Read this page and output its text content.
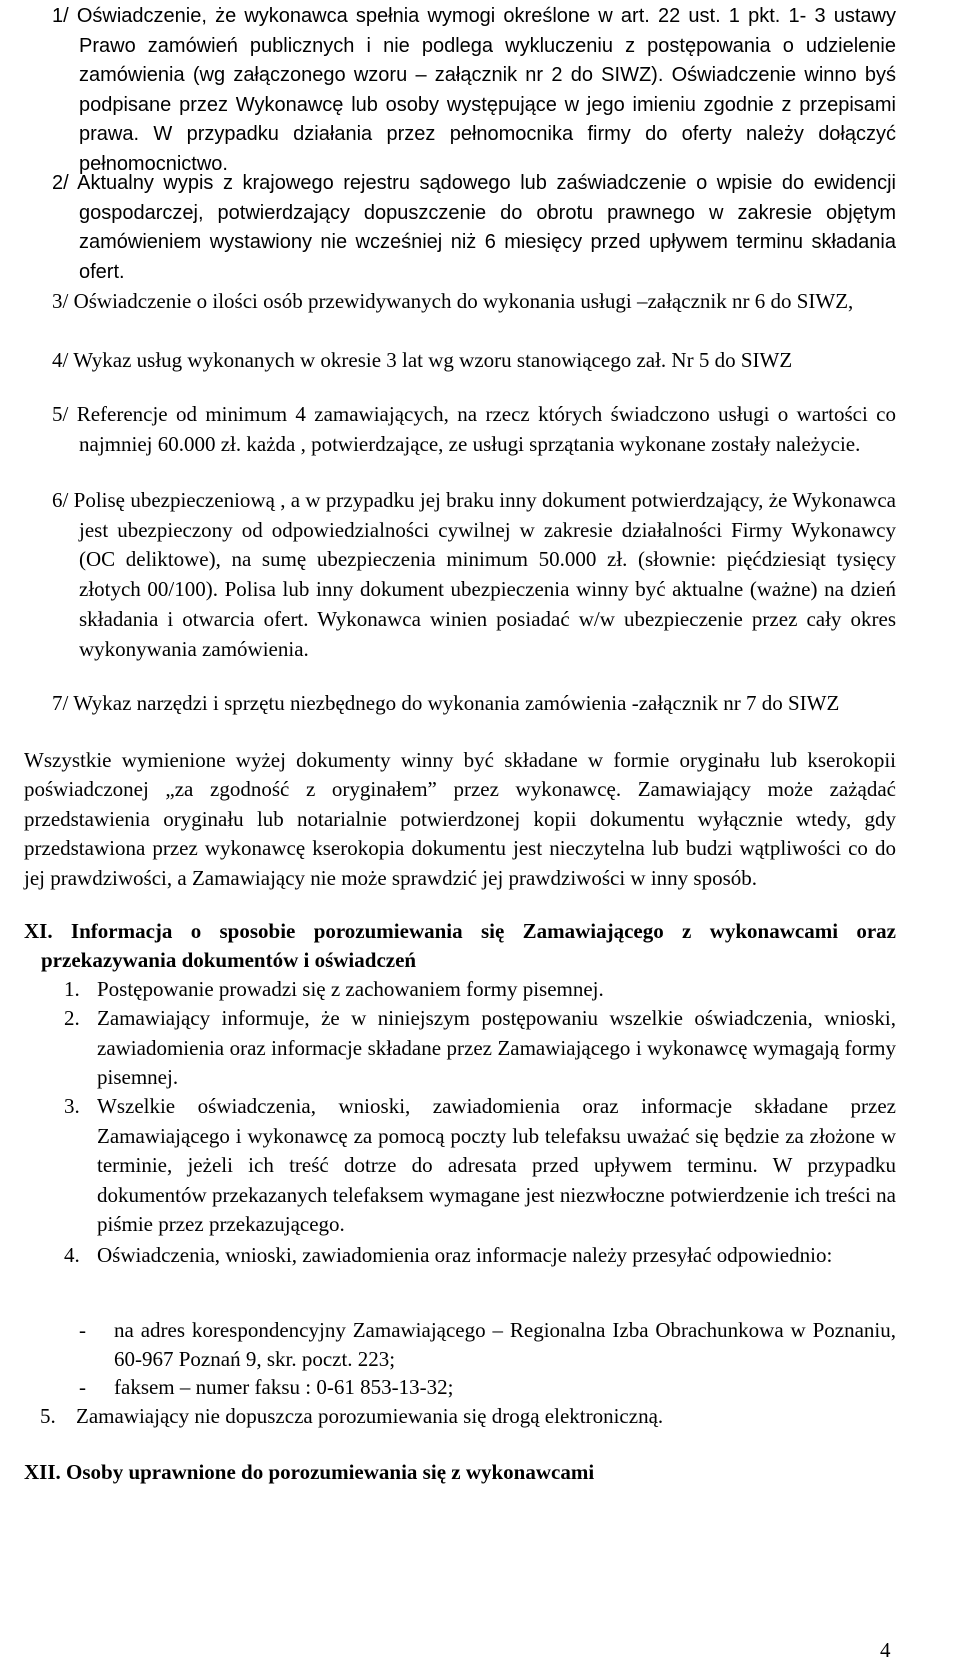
1/ Oświadczenie, że wykonawca spełnia wymogi określone w art. 22 ust. 1 pkt. 1- 3 ustawy Prawo zamówień publicznych i nie podlega wykluczeniu z postępowania o udzielenie zamówienia (wg załączonego wzoru – załącznik nr 2 do SIWZ). Oświadczenie winno byś podpisane przez Wykonawcę lub osoby występujące w jego imieniu zgodnie z przepisami prawa. W przypadku działania przez pełnomocnika firmy do oferty należy dołączyć pełnomocnictwo.

2/ Aktualny wypis z krajowego rejestru sądowego lub zaświadczenie o wpisie do ewidencji gospodarczej, potwierdzający dopuszczenie do obrotu prawnego w zakresie objętym zamówieniem wystawiony nie wcześniej niż 6 miesięcy przed upływem terminu składania ofert.

3/ Oświadczenie o ilości osób przewidywanych do wykonania usługi –załącznik nr 6 do SIWZ,

4/ Wykaz usług wykonanych w okresie 3 lat wg wzoru stanowiącego zał. Nr 5 do SIWZ

5/ Referencje od minimum 4 zamawiających, na rzecz których świadczono usługi o wartości co najmniej 60.000 zł. każda , potwierdzające, ze usługi sprzątania wykonane zostały należycie.

6/ Polisę ubezpieczeniową , a w przypadku jej braku inny dokument potwierdzający, że Wykonawca jest ubezpieczony od odpowiedzialności cywilnej w zakresie działalności Firmy Wykonawcy (OC deliktowe), na sumę ubezpieczenia minimum 50.000 zł. (słownie: pięćdziesiąt tysięcy złotych 00/100). Polisa lub inny dokument ubezpieczenia winny być aktualne (ważne) na dzień składania i otwarcia ofert. Wykonawca winien posiadać w/w ubezpieczenie przez cały okres wykonywania zamówienia.

7/ Wykaz narzędzi i sprzętu niezbędnego do wykonania zamówienia -załącznik nr 7 do SIWZ

Wszystkie wymienione wyżej dokumenty winny być składane w formie oryginału lub kserokopii poświadczonej „za zgodność z oryginałem” przez wykonawcę. Zamawiający może zażądać przedstawienia oryginału lub notarialnie potwierdzonej kopii dokumentu wyłącznie wtedy, gdy przedstawiona przez wykonawcę kserokopia dokumentu jest nieczytelna lub budzi wątpliwości co do jej prawdziwości, a Zamawiający nie może sprawdzić jej prawdziwości w inny sposób.

XI. Informacja o sposobie porozumiewania się Zamawiającego z wykonawcami oraz przekazywania dokumentów i oświadczeń

1. Postępowanie prowadzi się z zachowaniem formy pisemnej.

2. Zamawiający informuje, że w niniejszym postępowaniu wszelkie oświadczenia, wnioski, zawiadomienia oraz informacje składane przez Zamawiającego i wykonawcę wymagają formy pisemnej.

3. Wszelkie oświadczenia, wnioski, zawiadomienia oraz informacje składane przez Zamawiającego i wykonawcę za pomocą poczty lub telefaksu uważać się będzie za złożone w terminie, jeżeli ich treść dotrze do adresata przed upływem terminu. W przypadku dokumentów przekazanych telefaksem wymagane jest niezwłoczne potwierdzenie ich treści na piśmie przez przekazującego.

4. Oświadczenia, wnioski, zawiadomienia oraz informacje należy przesyłać odpowiednio:

- na adres korespondencyjny Zamawiającego – Regionalna Izba Obrachunkowa w Poznaniu, 60-967 Poznań 9, skr. poczt. 223;

- faksem – numer faksu : 0-61 853-13-32;

5. Zamawiający nie dopuszcza porozumiewania się drogą elektroniczną.

XII. Osoby uprawnione do porozumiewania się z wykonawcami

4
